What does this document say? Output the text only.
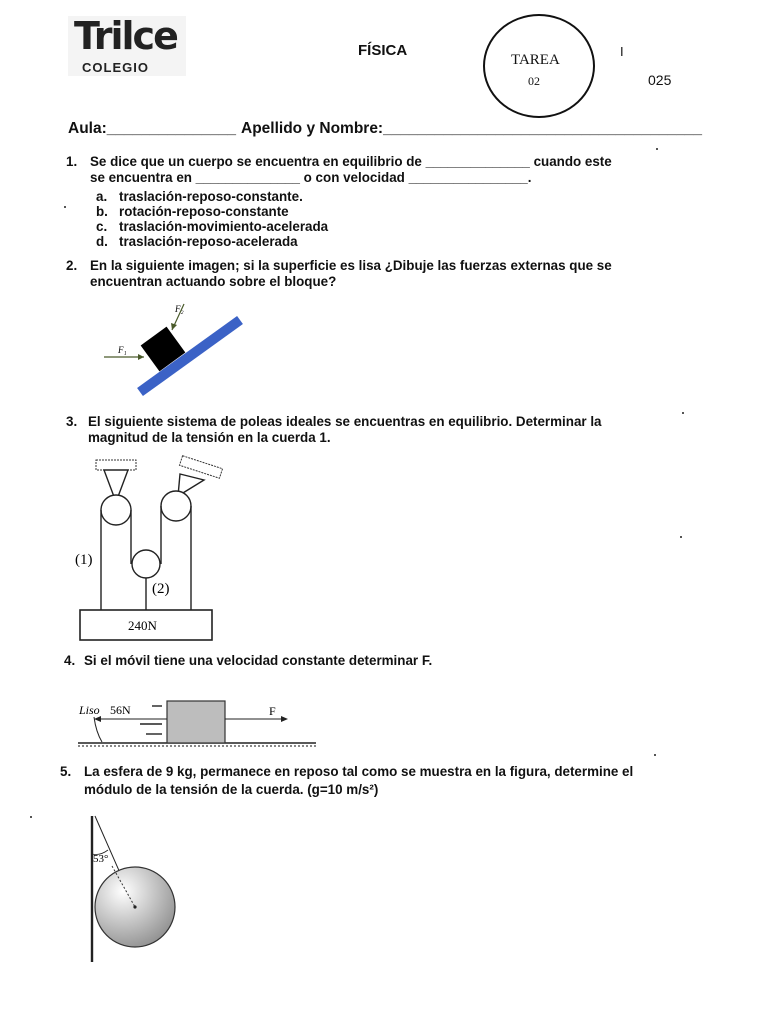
Trilce
COLEGIO
FÍSICA
TAREA
02
I
025
Aula:_______________ Apellido y Nombre:_____________________________________
1. Se dice que un cuerpo se encuentra en equilibrio de ______________ cuando este
se encuentra en ______________ o con velocidad ________________.
a. traslación-reposo-constante.
b. rotación-reposo-constante
c. traslación-movimiento-acelerada
d. traslación-reposo-acelerada
2. En la siguiente imagen; si la superficie es lisa ¿Dibuje las fuerzas externas que se
encuentran actuando sobre el bloque?
F₁
F₂
3. El siguiente sistema de poleas ideales se encuentras en equilibrio. Determinar la
magnitud de la tensión en la cuerda 1.
240N
(1)
(2)
4. Si el móvil tiene una velocidad constante determinar F.
Liso 56N	F
5. La esfera de 9 kg, permanece en reposo tal como se muestra en la figura, determine el
módulo de la tensión de la cuerda. (g=10 m/s²)
53°
